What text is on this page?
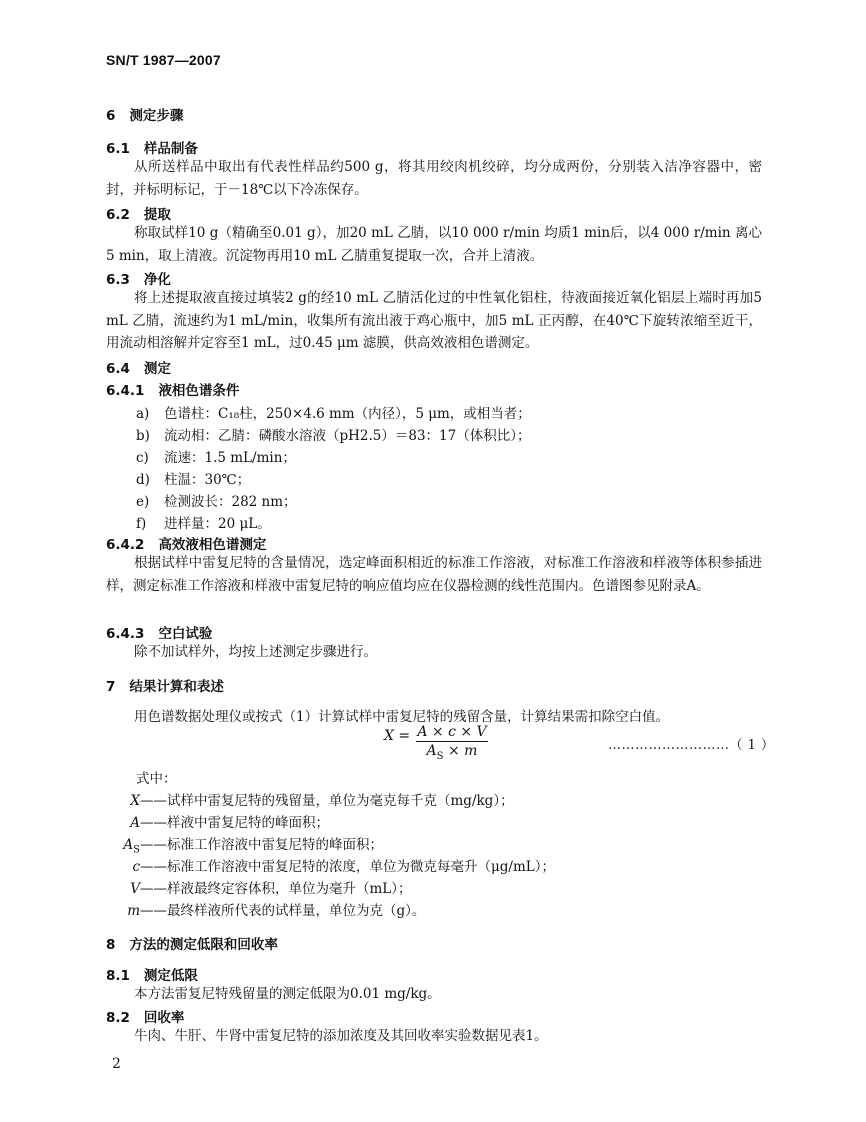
SN/T 1987—2007
6 测定步骤
6.1 样品制备
从所送样品中取出有代表性样品约500 g，将其用绞肉机绞碎，均分成两份，分别装入洁净容器中，密封，并标明标记，于－18℃以下冷冻保存。
6.2 提取
称取试样10 g（精确至0.01 g），加20 mL 乙腈，以10 000 r/min 均质1 min后，以4 000 r/min 离心5 min，取上清液。沉淀物再用10 mL 乙腈重复提取一次，合并上清液。
6.3 净化
将上述提取液直接过填装2 g的经10 mL 乙腈活化过的中性氧化铝柱，待液面接近氧化铝层上端时再加5 mL 乙腈，流速约为1 mL/min，收集所有流出液于鸡心瓶中，加5 mL 正丙醇，在40℃下旋转浓缩至近干，用流动相溶解并定容至1 mL，过0.45 μm 滤膜，供高效液相色谱测定。
6.4 测定
6.4.1 液相色谱条件
a) 色谱柱：C₁₈柱，250×4.6 mm（内径），5 μm，或相当者；
b) 流动相：乙腈：磷酸水溶液（pH2.5）＝83：17（体积比）；
c) 流速：1.5 mL/min；
d) 柱温：30℃；
e) 检测波长：282 nm；
f) 进样量：20 μL。
6.4.2 高效液相色谱测定
根据试样中雷复尼特的含量情况，选定峰面积相近的标准工作溶液，对标准工作溶液和样液等体积参插进样，测定标准工作溶液和样液中雷复尼特的响应值均应在仪器检测的线性范围内。色谱图参见附录A。
6.4.3 空白试验
除不加试样外，均按上述测定步骤进行。
7 结果计算和表述
用色谱数据处理仪或按式（1）计算试样中雷复尼特的残留含量，计算结果需扣除空白值。
$X = \frac{A \times c \times V}{A_S \times m}$	………………………（ 1 ）
式中：
X——试样中雷复尼特的残留量，单位为毫克每千克（mg/kg）；
A——样液中雷复尼特的峰面积；
$A_S——$标准工作溶液中雷复尼特的峰面积；
c——标准工作溶液中雷复尼特的浓度，单位为微克每毫升（μg/mL）；
V——样液最终定容体积，单位为毫升（mL）；
m——最终样液所代表的试样量，单位为克（g）。
8 方法的测定低限和回收率
8.1 测定低限
本方法雷复尼特残留量的测定低限为0.01 mg/kg。
8.2 回收率
牛肉、牛肝、牛肾中雷复尼特的添加浓度及其回收率实验数据见表1。
2
